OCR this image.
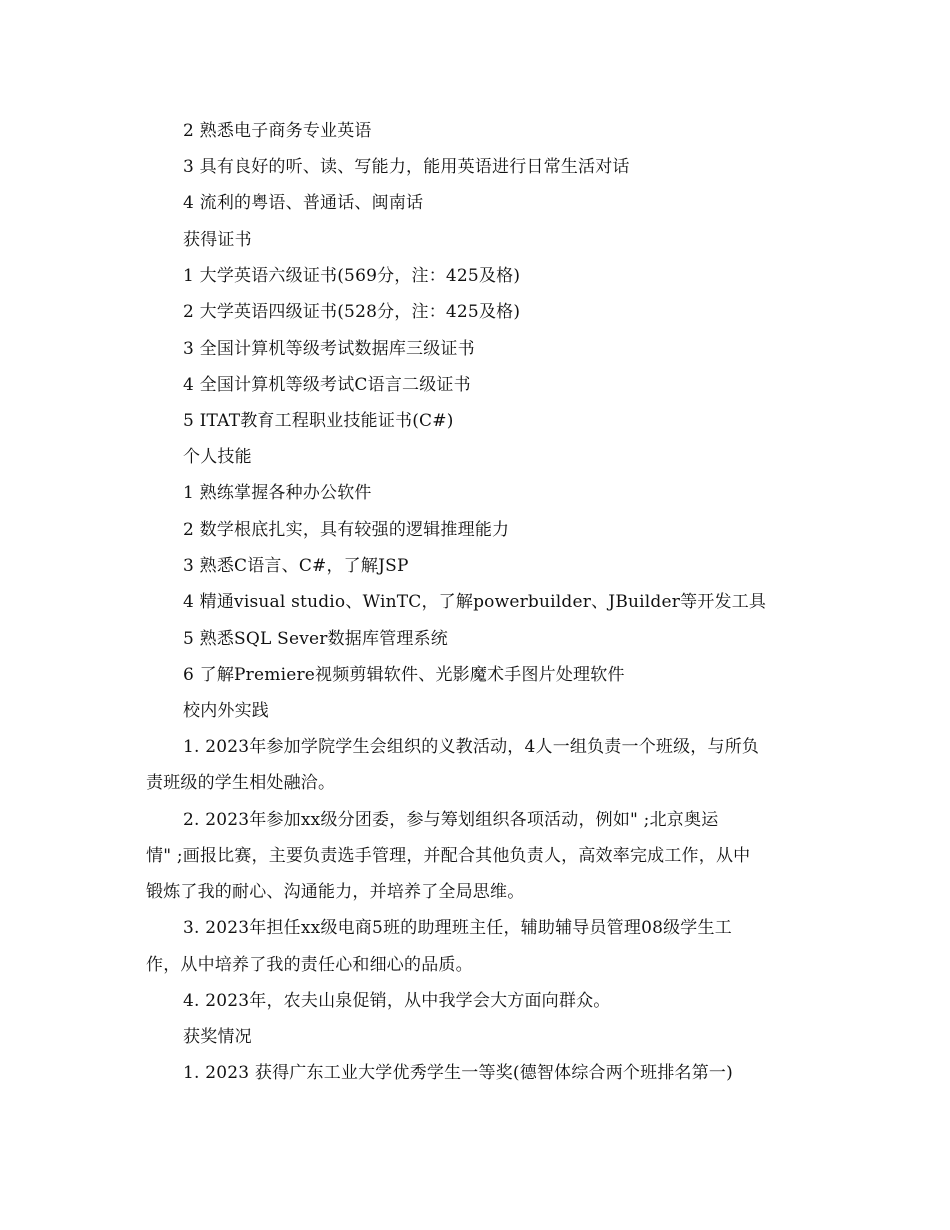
2 熟悉电子商务专业英语
3 具有良好的听、读、写能力，能用英语进行日常生活对话
4 流利的粤语、普通话、闽南话
获得证书
1 大学英语六级证书(569分，注：425及格)
2 大学英语四级证书(528分，注：425及格)
3 全国计算机等级考试数据库三级证书
4 全国计算机等级考试C语言二级证书
5 ITAT教育工程职业技能证书(C#)
个人技能
1 熟练掌握各种办公软件
2 数学根底扎实，具有较强的逻辑推理能力
3 熟悉C语言、C#，了解JSP
4 精通visual studio、WinTC，了解powerbuilder、JBuilder等开发工具
5 熟悉SQL Sever数据库管理系统
6 了解Premiere视频剪辑软件、光影魔术手图片处理软件
校内外实践
1. 2023年参加学院学生会组织的义教活动，4人一组负责一个班级，与所负
责班级的学生相处融洽。
2. 2023年参加xx级分团委，参与筹划组织各项活动，例如" ;北京奥运
情" ;画报比赛，主要负责选手管理，并配合其他负责人，高效率完成工作，从中
锻炼了我的耐心、沟通能力，并培养了全局思维。
3. 2023年担任xx级电商5班的助理班主任，辅助辅导员管理08级学生工
作，从中培养了我的责任心和细心的品质。
4. 2023年，农夫山泉促销，从中我学会大方面向群众。
获奖情况
1. 2023 获得广东工业大学优秀学生一等奖(德智体综合两个班排名第一)
